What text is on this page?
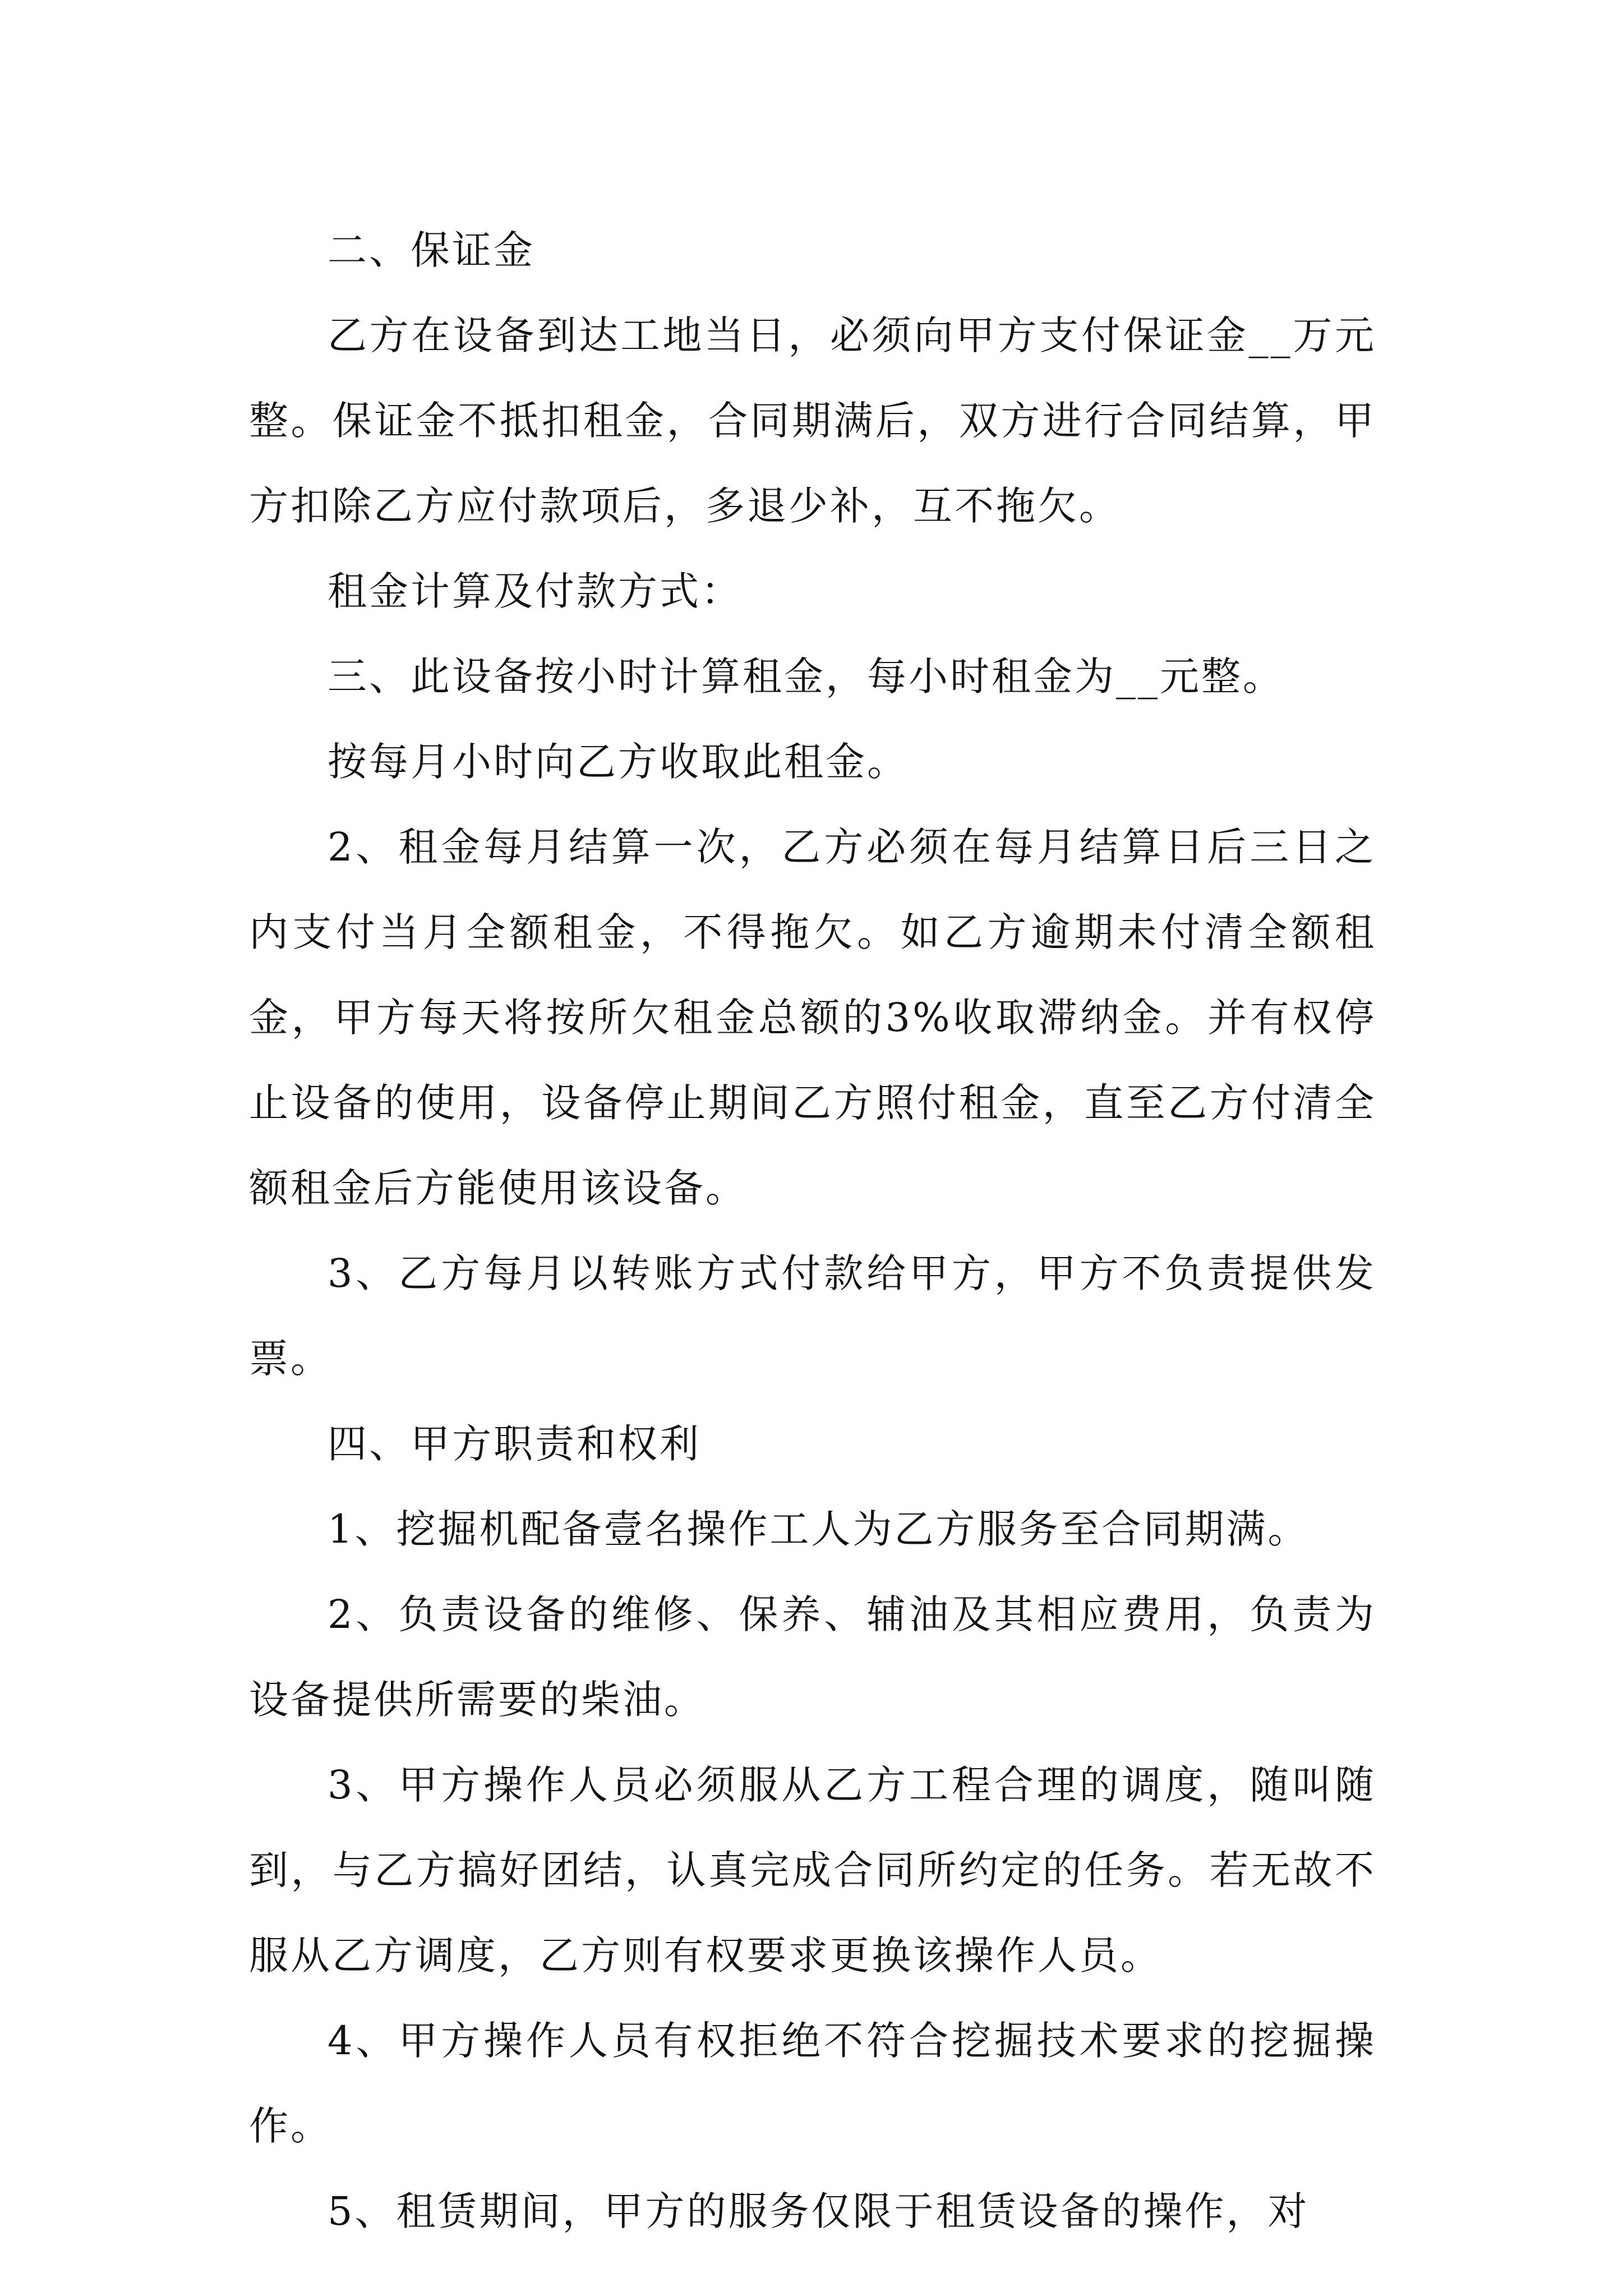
二、保证金

乙方在设备到达工地当日，必须向甲方支付保证金__万元整。保证金不抵扣租金，合同期满后，双方进行合同结算，甲方扣除乙方应付款项后，多退少补，互不拖欠。

租金计算及付款方式：

三、此设备按小时计算租金，每小时租金为__元整。

按每月小时向乙方收取此租金。

2、租金每月结算一次，乙方必须在每月结算日后三日之内支付当月全额租金，不得拖欠。如乙方逾期未付清全额租金，甲方每天将按所欠租金总额的3%收取滞纳金。并有权停止设备的使用，设备停止期间乙方照付租金，直至乙方付清全额租金后方能使用该设备。

3、乙方每月以转账方式付款给甲方，甲方不负责提供发票。

四、甲方职责和权利

1、挖掘机配备壹名操作工人为乙方服务至合同期满。

2、负责设备的维修、保养、辅油及其相应费用，负责为设备提供所需要的柴油。

3、甲方操作人员必须服从乙方工程合理的调度，随叫随到，与乙方搞好团结，认真完成合同所约定的任务。若无故不服从乙方调度，乙方则有权要求更换该操作人员。

4、甲方操作人员有权拒绝不符合挖掘技术要求的挖掘操作。

5、租赁期间，甲方的服务仅限于租赁设备的操作，对
